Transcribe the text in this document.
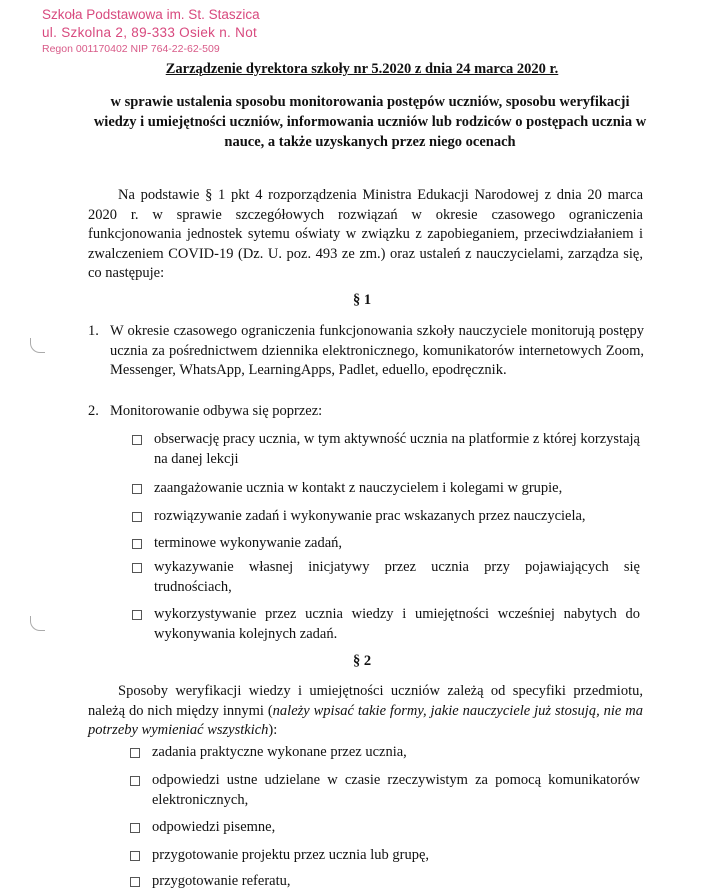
Szkoła Podstawowa im. St. Staszica
ul. Szkolna 2, 89-333 Osiek n. Not
Regon 001170402 NIP 764-22-62-509
Zarządzenie dyrektora szkoły nr 5.2020 z dnia 24 marca 2020 r.
w sprawie ustalenia sposobu monitorowania postępów uczniów, sposobu weryfikacji wiedzy i umiejętności uczniów, informowania uczniów lub rodziców o postępach ucznia w nauce, a także uzyskanych przez niego ocenach
Na podstawie § 1 pkt 4 rozporządzenia Ministra Edukacji Narodowej z dnia 20 marca 2020 r. w sprawie szczegółowych rozwiązań w okresie czasowego ograniczenia funkcjonowania jednostek sytemu oświaty w związku z zapobieganiem, przeciwdziałaniem i zwalczeniem COVID-19 (Dz. U. poz. 493 ze zm.) oraz ustaleń z nauczycielami, zarządza się, co następuje:
§ 1
1. W okresie czasowego ograniczenia funkcjonowania szkoły nauczyciele monitorują postępy ucznia za pośrednictwem dziennika elektronicznego, komunikatorów internetowych Zoom, Messenger, WhatsApp, LearningApps, Padlet, eduello, epodręcznik.
2. Monitorowanie odbywa się poprzez:
obserwację pracy ucznia, w tym aktywność ucznia na platformie z której korzystają na danej lekcji
zaangażowanie ucznia w kontakt z nauczycielem i kolegami w grupie,
rozwiązywanie zadań i wykonywanie prac wskazanych przez nauczyciela,
terminowe wykonywanie zadań,
wykazywanie własnej inicjatywy przez ucznia przy pojawiających się trudnościach,
wykorzystywanie przez ucznia wiedzy i umiejętności wcześniej nabytych do wykonywania kolejnych zadań.
§ 2
Sposoby weryfikacji wiedzy i umiejętności uczniów zależą od specyfiki przedmiotu, należą do nich między innymi (należy wpisać takie formy, jakie nauczyciele już stosują, nie ma potrzeby wymieniać wszystkich):
zadania praktyczne wykonane przez ucznia,
odpowiedzi ustne udzielane w czasie rzeczywistym za pomocą komunikatorów elektronicznych,
odpowiedzi pisemne,
przygotowanie projektu przez ucznia lub grupę,
przygotowanie referatu,
